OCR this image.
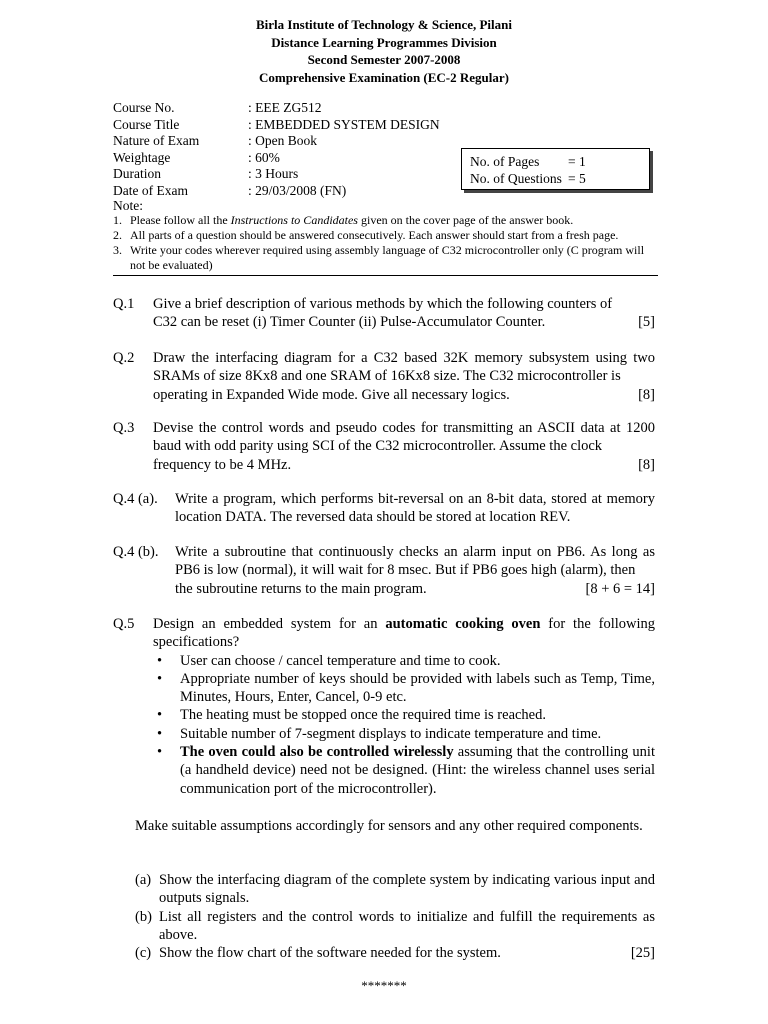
Birla Institute of Technology & Science, Pilani
Distance Learning Programmes Division
Second Semester 2007-2008
Comprehensive Examination (EC-2 Regular)
Course No.	: EEE ZG512
Course Title	: EMBEDDED SYSTEM DESIGN
Nature of Exam	: Open Book
Weightage	: 60%
Duration	: 3 Hours
Date of Exam	: 29/03/2008 (FN)
No. of Pages	= 1
No. of Questions = 5
Note:
1. Please follow all the Instructions to Candidates given on the cover page of the answer book.
2. All parts of a question should be answered consecutively. Each answer should start from a fresh page.
3. Write your codes wherever required using assembly language of C32 microcontroller only (C program will not be evaluated)
Q.1	Give a brief description of various methods by which the following counters of
C32 can be reset (i) Timer Counter (ii) Pulse-Accumulator Counter.	[5]
Q.2	Draw the interfacing diagram for a C32 based 32K memory subsystem using two SRAMs of size 8Kx8 and one SRAM of 16Kx8 size. The C32 microcontroller is
operating in Expanded Wide mode. Give all necessary logics.	[8]
Q.3	Devise the control words and pseudo codes for transmitting an ASCII data at 1200 baud with odd parity using SCI of the C32 microcontroller. Assume the clock
frequency to be 4 MHz.	[8]
Q.4 (a).	Write a program, which performs bit-reversal on an 8-bit data, stored at memory location DATA. The reversed data should be stored at location REV.
Q.4 (b).	Write a subroutine that continuously checks an alarm input on PB6. As long as PB6 is low (normal), it will wait for 8 msec. But if PB6 goes high (alarm), then
the subroutine returns to the main program.	[8 + 6 = 14]
Q.5	Design an embedded system for an automatic cooking oven for the following specifications?
•	User can choose / cancel temperature and time to cook.
•	Appropriate number of keys should be provided with labels such as Temp, Time, Minutes, Hours, Enter, Cancel, 0-9 etc.
•	The heating must be stopped once the required time is reached.
•	Suitable number of 7-segment displays to indicate temperature and time.
•	The oven could also be controlled wirelessly assuming that the controlling unit (a handheld device) need not be designed. (Hint: the wireless channel uses serial communication port of the microcontroller).
Make suitable assumptions accordingly for sensors and any other required components.
(a) Show the interfacing diagram of the complete system by indicating various input and outputs signals.
(b) List all registers and the control words to initialize and fulfill the requirements as above.
(c) Show the flow chart of the software needed for the system.	[25]
*******
